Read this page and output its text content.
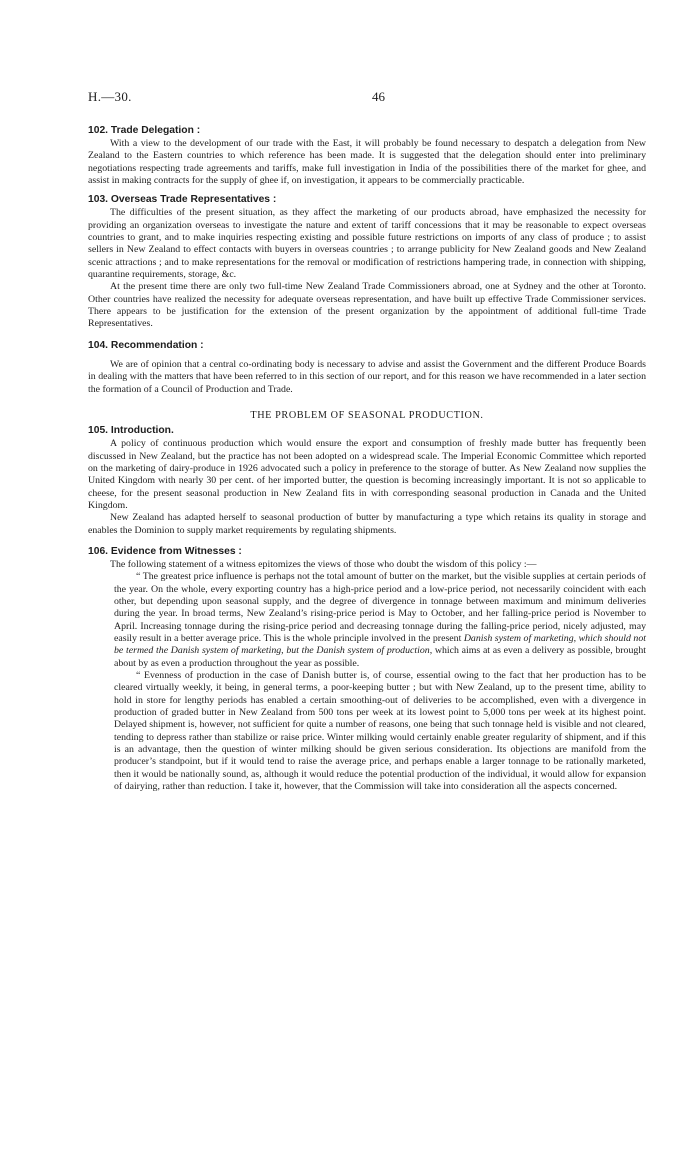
H.—30.	46
102. Trade Delegation :

With a view to the development of our trade with the East, it will probably be found necessary to despatch a delegation from New Zealand to the Eastern countries to which reference has been made. It is suggested that the delegation should enter into preliminary negotiations respecting trade agreements and tariffs, make full investigation in India of the possibilities there of the market for ghee, and assist in making contracts for the supply of ghee if, on investigation, it appears to be commercially practicable.

103. Overseas Trade Representatives :

The difficulties of the present situation, as they affect the marketing of our products abroad, have emphasized the necessity for providing an organization overseas to investigate the nature and extent of tariff concessions that it may be reasonable to expect overseas countries to grant, and to make inquiries respecting existing and possible future restrictions on imports of any class of produce ; to assist sellers in New Zealand to effect contacts with buyers in overseas countries ; to arrange publicity for New Zealand goods and New Zealand scenic attractions ; and to make representations for the removal or modification of restrictions hampering trade, in connection with shipping, quarantine requirements, storage, &c.

At the present time there are only two full-time New Zealand Trade Commissioners abroad, one at Sydney and the other at Toronto. Other countries have realized the necessity for adequate overseas representation, and have built up effective Trade Commissioner services. There appears to be justification for the extension of the present organization by the appointment of additional full-time Trade Representatives.

104. Recommendation :

We are of opinion that a central co-ordinating body is necessary to advise and assist the Government and the different Produce Boards in dealing with the matters that have been referred to in this section of our report, and for this reason we have recommended in a later section the formation of a Council of Production and Trade.

THE PROBLEM OF SEASONAL PRODUCTION.
105. Introduction.

A policy of continuous production which would ensure the export and consumption of freshly made butter has frequently been discussed in New Zealand, but the practice has not been adopted on a widespread scale. The Imperial Economic Committee which reported on the marketing of dairy-produce in 1926 advocated such a policy in preference to the storage of butter. As New Zealand now supplies the United Kingdom with nearly 30 per cent. of her imported butter, the question is becoming increasingly important. It is not so applicable to cheese, for the present seasonal production in New Zealand fits in with corresponding seasonal production in Canada and the United Kingdom.

New Zealand has adapted herself to seasonal production of butter by manufacturing a type which retains its quality in storage and enables the Dominion to supply market requirements by regulating shipments.

106. Evidence from Witnesses :

The following statement of a witness epitomizes the views of those who doubt the wisdom of this policy :—

“ The greatest price influence is perhaps not the total amount of butter on the market, but the visible supplies at certain periods of the year. On the whole, every exporting country has a high-price period and a low-price period, not necessarily coincident with each other, but depending upon seasonal supply, and the degree of divergence in tonnage between maximum and minimum deliveries during the year. In broad terms, New Zealand’s rising-price period is May to October, and her falling-price period is November to April. Increasing tonnage during the rising-price period and decreasing tonnage during the falling-price period, nicely adjusted, may easily result in a better average price. This is the whole principle involved in the present Danish system of marketing, which should not be termed the Danish system of marketing, but the Danish system of production, which aims at as even a delivery as possible, brought about by as even a production throughout the year as possible.

“ Evenness of production in the case of Danish butter is, of course, essential owing to the fact that her production has to be cleared virtually weekly, it being, in general terms, a poor-keeping butter ; but with New Zealand, up to the present time, ability to hold in store for lengthy periods has enabled a certain smoothing-out of deliveries to be accomplished, even with a divergence in production of graded butter in New Zealand from 500 tons per week at its lowest point to 5,000 tons per week at its highest point. Delayed shipment is, however, not sufficient for quite a number of reasons, one being that such tonnage held is visible and not cleared, tending to depress rather than stabilize or raise price. Winter milking would certainly enable greater regularity of shipment, and if this is an advantage, then the question of winter milking should be given serious consideration. Its objections are manifold from the producer’s standpoint, but if it would tend to raise the average price, and perhaps enable a larger tonnage to be rationally marketed, then it would be nationally sound, as, although it would reduce the potential production of the individual, it would allow for expansion of dairying, rather than reduction. I take it, however, that the Commission will take into consideration all the aspects concerned.
